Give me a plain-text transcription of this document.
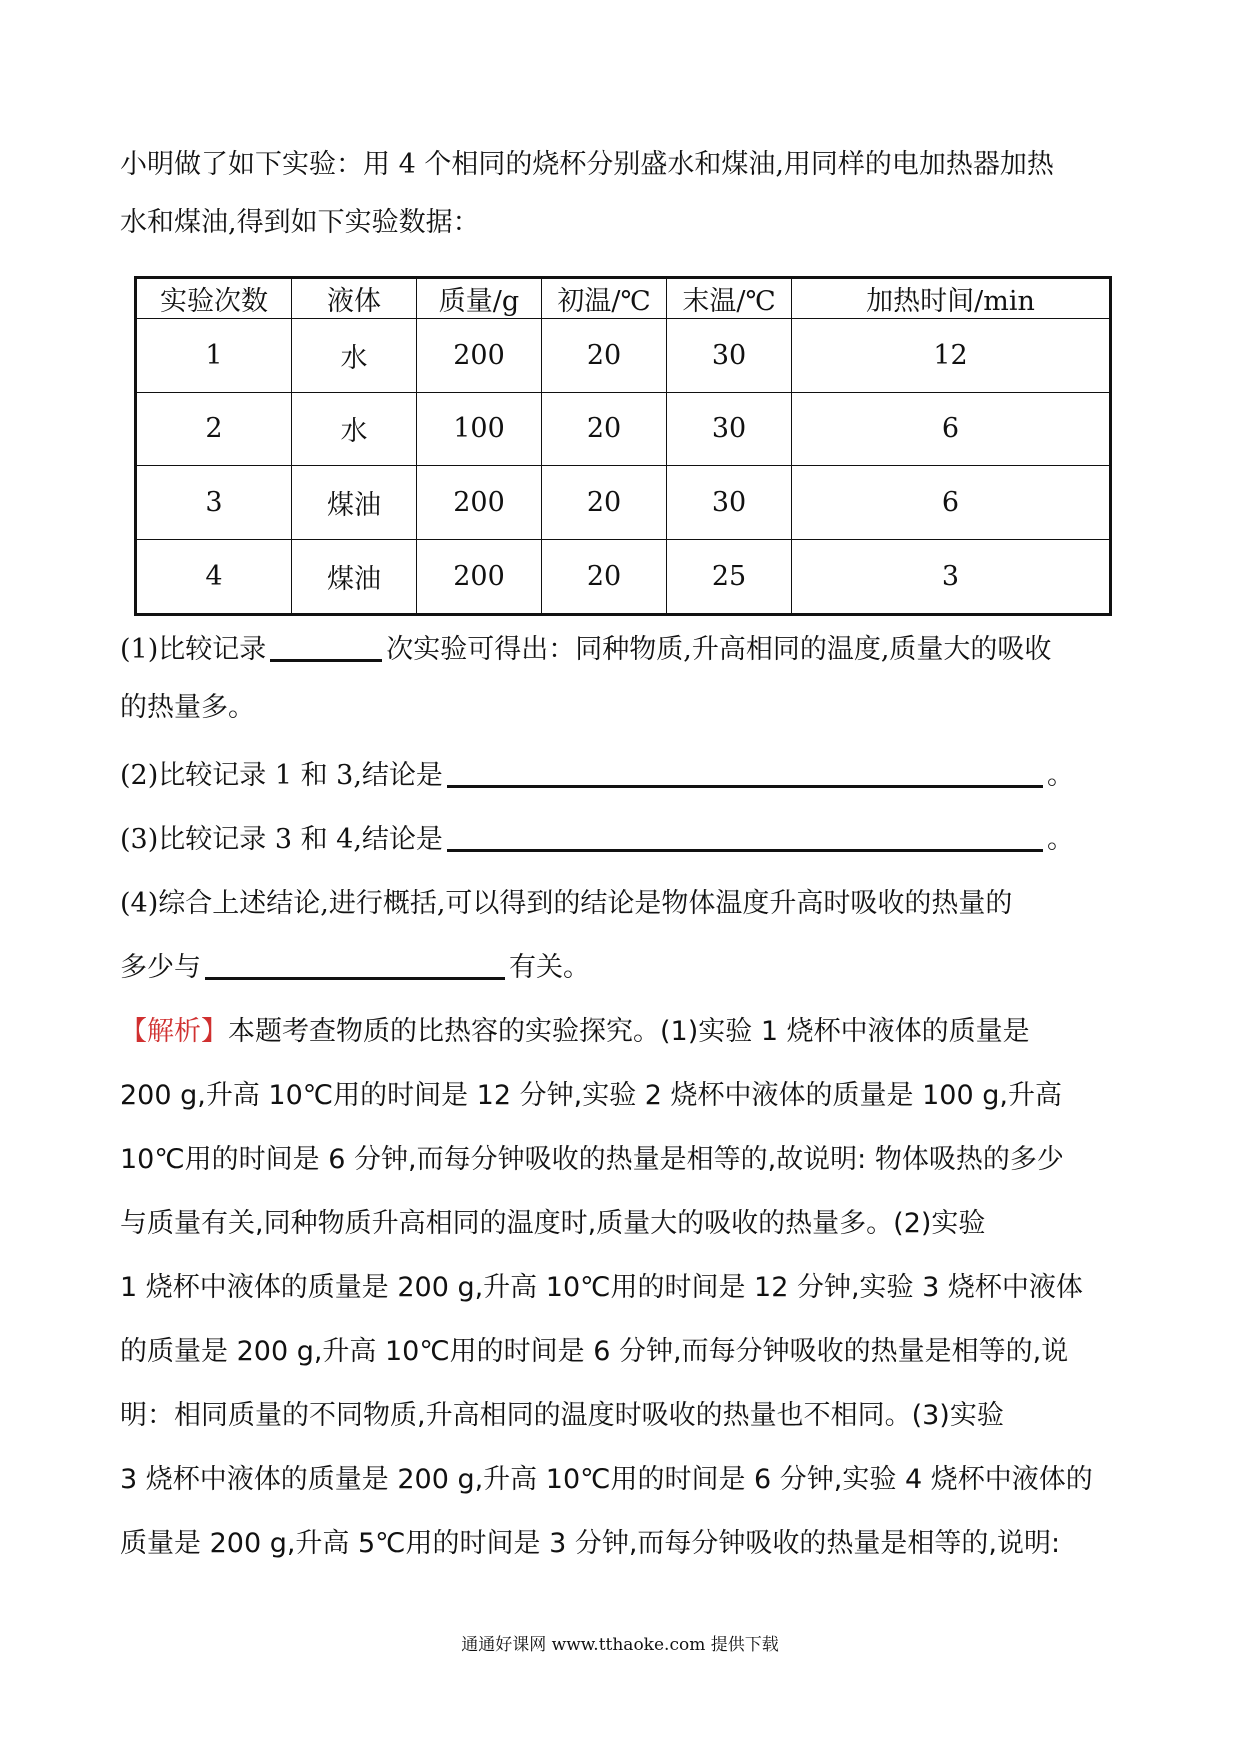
小明做了如下实验：用 4 个相同的烧杯分别盛水和煤油,用同样的电加热器加热
水和煤油,得到如下实验数据：
实验次数	液体	质量/g	初温/℃	末温/℃	加热时间/min
1	水	200	20	30	12
2	水	100	20	30	6
3	煤油	200	20	30	6
4	煤油	200	20	25	3
(1)比较记录	次实验可得出：同种物质,升高相同的温度,质量大的吸收
的热量多。
(2)比较记录 1 和 3,结论是	。
(3)比较记录 3 和 4,结论是	。
(4)综合上述结论,进行概括,可以得到的结论是物体温度升高时吸收的热量的
多少与	有关。
【解析】本题考查物质的比热容的实验探究。(1)实验 1 烧杯中液体的质量是
200 g,升高 10℃用的时间是 12 分钟,实验 2 烧杯中液体的质量是 100 g,升高
10℃用的时间是 6 分钟,而每分钟吸收的热量是相等的,故说明: 物体吸热的多少
与质量有关,同种物质升高相同的温度时,质量大的吸收的热量多。(2)实验
1 烧杯中液体的质量是 200 g,升高 10℃用的时间是 12 分钟,实验 3 烧杯中液体
的质量是 200 g,升高 10℃用的时间是 6 分钟,而每分钟吸收的热量是相等的,说
明：相同质量的不同物质,升高相同的温度时吸收的热量也不相同。(3)实验
3 烧杯中液体的质量是 200 g,升高 10℃用的时间是 6 分钟,实验 4 烧杯中液体的
质量是 200 g,升高 5℃用的时间是 3 分钟,而每分钟吸收的热量是相等的,说明:
通通好课网 www.tthaoke.com 提供下载
